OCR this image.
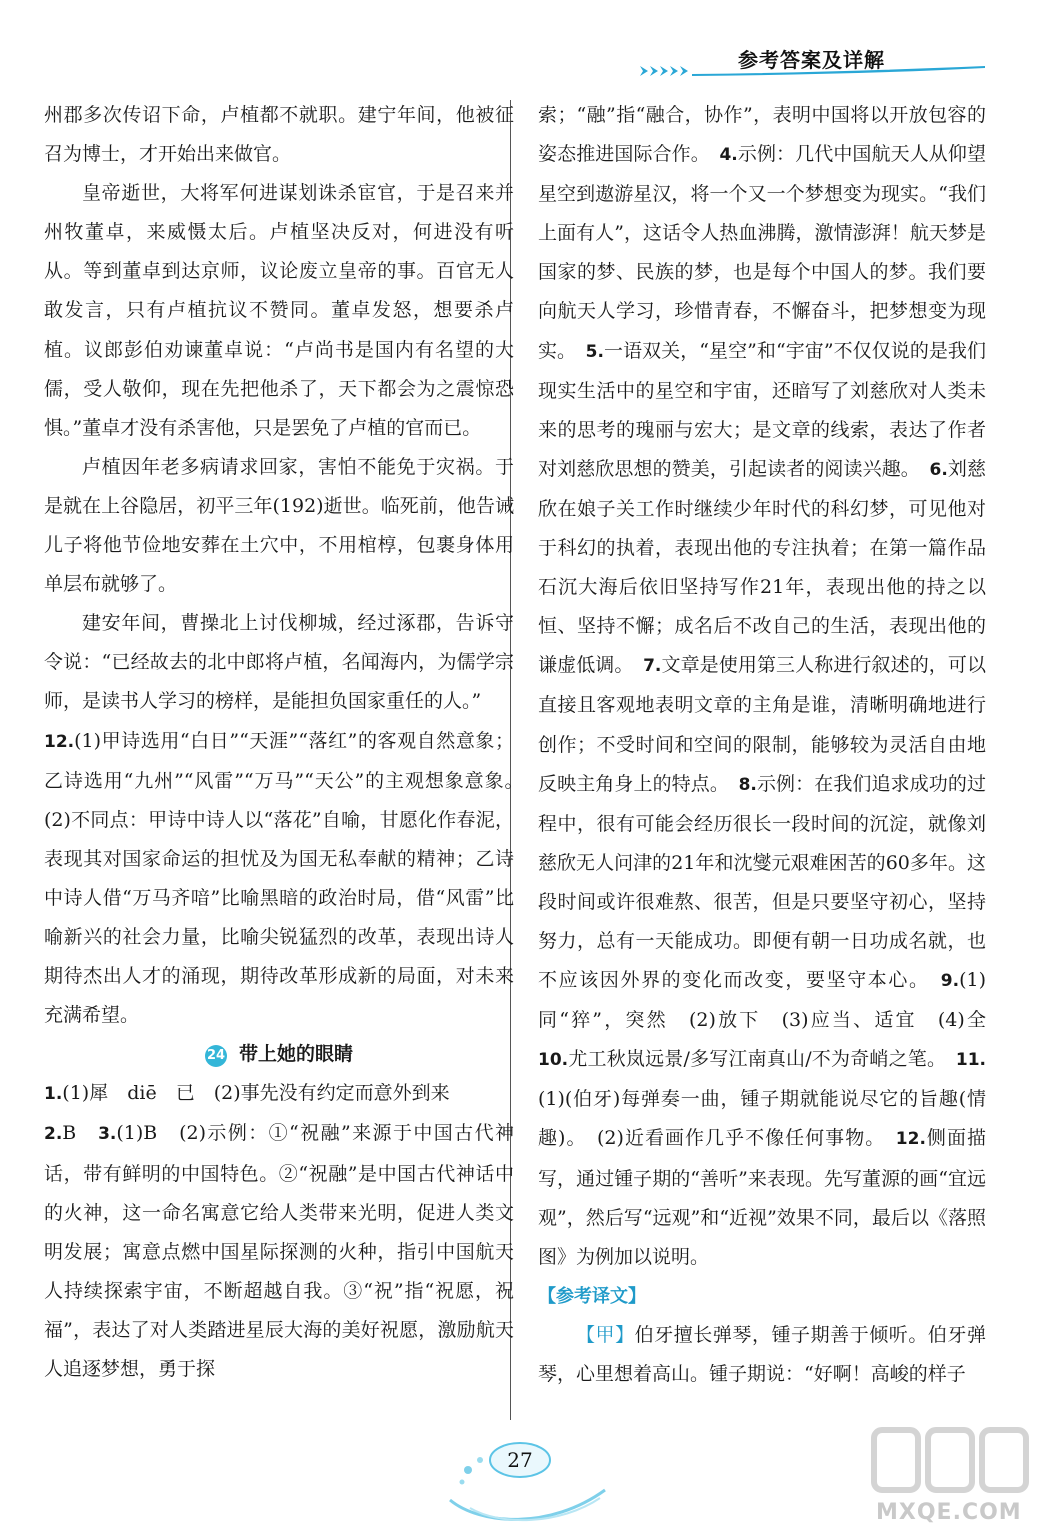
参考答案及详解

州郡多次传诏下命，卢植都不就职。建宁年间，他被征召为博士，才开始出来做官。

皇帝逝世，大将军何进谋划诛杀宦官，于是召来并州牧董卓，来威慑太后。卢植坚决反对，何进没有听从。等到董卓到达京师，议论废立皇帝的事。百官无人敢发言，只有卢植抗议不赞同。董卓发怒，想要杀卢植。议郎彭伯劝谏董卓说：“卢尚书是国内有名望的大儒，受人敬仰，现在先把他杀了，天下都会为之震惊恐惧。”董卓才没有杀害他，只是罢免了卢植的官而已。

卢植因年老多病请求回家，害怕不能免于灾祸。于是就在上谷隐居，初平三年(192)逝世。临死前，他告诫儿子将他节俭地安葬在土穴中，不用棺椁，包裹身体用单层布就够了。

建安年间，曹操北上讨伐柳城，经过涿郡，告诉守令说：“已经故去的北中郎将卢植，名闻海内，为儒学宗师，是读书人学习的榜样，是能担负国家重任的人。”

12.(1)甲诗选用“白日”“天涯”“落红”的客观自然意象；乙诗选用“九州”“风雷”“万马”“天公”的主观想象意象。　(2)不同点：甲诗中诗人以“落花”自喻，甘愿化作春泥，表现其对国家命运的担忧及为国无私奉献的精神；乙诗中诗人借“万马齐喑”比喻黑暗的政治时局，借“风雷”比喻新兴的社会力量，比喻尖锐猛烈的改革，表现出诗人期待杰出人才的涌现，期待改革形成新的局面，对未来充满希望。

24 带上她的眼睛

1.(1)犀　diē　已　(2)事先没有约定而意外到来

2.B　 3.(1)B　(2)示例：①“祝融”来源于中国古代神话，带有鲜明的中国特色。②“祝融”是中国古代神话中的火神，这一命名寓意它给人类带来光明，促进人类文明发展；寓意点燃中国星际探测的火种，指引中国航天人持续探索宇宙，不断超越自我。③“祝”指“祝愿，祝福”，表达了对人类踏进星辰大海的美好祝愿，激励航天人追逐梦想，勇于探

索；“融”指“融合，协作”，表明中国将以开放包容的姿态推进国际合作。　 4.示例：几代中国航天人从仰望星空到遨游星汉，将一个又一个梦想变为现实。“我们上面有人”，这话令人热血沸腾，激情澎湃！航天梦是国家的梦、民族的梦，也是每个中国人的梦。我们要向航天人学习，珍惜青春，不懈奋斗，把梦想变为现实。　 5.一语双关，“星空”和“宇宙”不仅仅说的是我们现实生活中的星空和宇宙，还暗写了刘慈欣对人类未来的思考的瑰丽与宏大；是文章的线索，表达了作者对刘慈欣思想的赞美，引起读者的阅读兴趣。　 6.刘慈欣在娘子关工作时继续少年时代的科幻梦，可见他对于科幻的执着，表现出他的专注执着；在第一篇作品石沉大海后依旧坚持写作21年，表现出他的持之以恒、坚持不懈；成名后不改自己的生活，表现出他的谦虚低调。　 7.文章是使用第三人称进行叙述的，可以直接且客观地表明文章的主角是谁，清晰明确地进行创作；不受时间和空间的限制，能够较为灵活自由地反映主角身上的特点。　 8.示例：在我们追求成功的过程中，很有可能会经历很长一段时间的沉淀，就像刘慈欣无人问津的21年和沈燮元艰难困苦的60多年。这段时间或许很难熬、很苦，但是只要坚守初心，坚持努力，总有一天能成功。即便有朝一日功成名就，也不应该因外界的变化而改变，要坚守本心。　 9.(1)同“猝”，突然　(2)放下　(3)应当、适宜　(4)全　10.尤工秋岚远景/多写江南真山/不为奇峭之笔。　 11.(1)(伯牙)每弹奏一曲，锺子期就能说尽它的旨趣(情趣)。　(2)近看画作几乎不像任何事物。　 12.侧面描写，通过锺子期的“善听”来表现。先写董源的画“宜远观”，然后写“远观”和“近视”效果不同，最后以《落照图》为例加以说明。

【参考译文】

【甲】伯牙擅长弹琴，锺子期善于倾听。伯牙弹琴，心里想着高山。锺子期说：“好啊！高峻的样子

27
MXQE.COM
